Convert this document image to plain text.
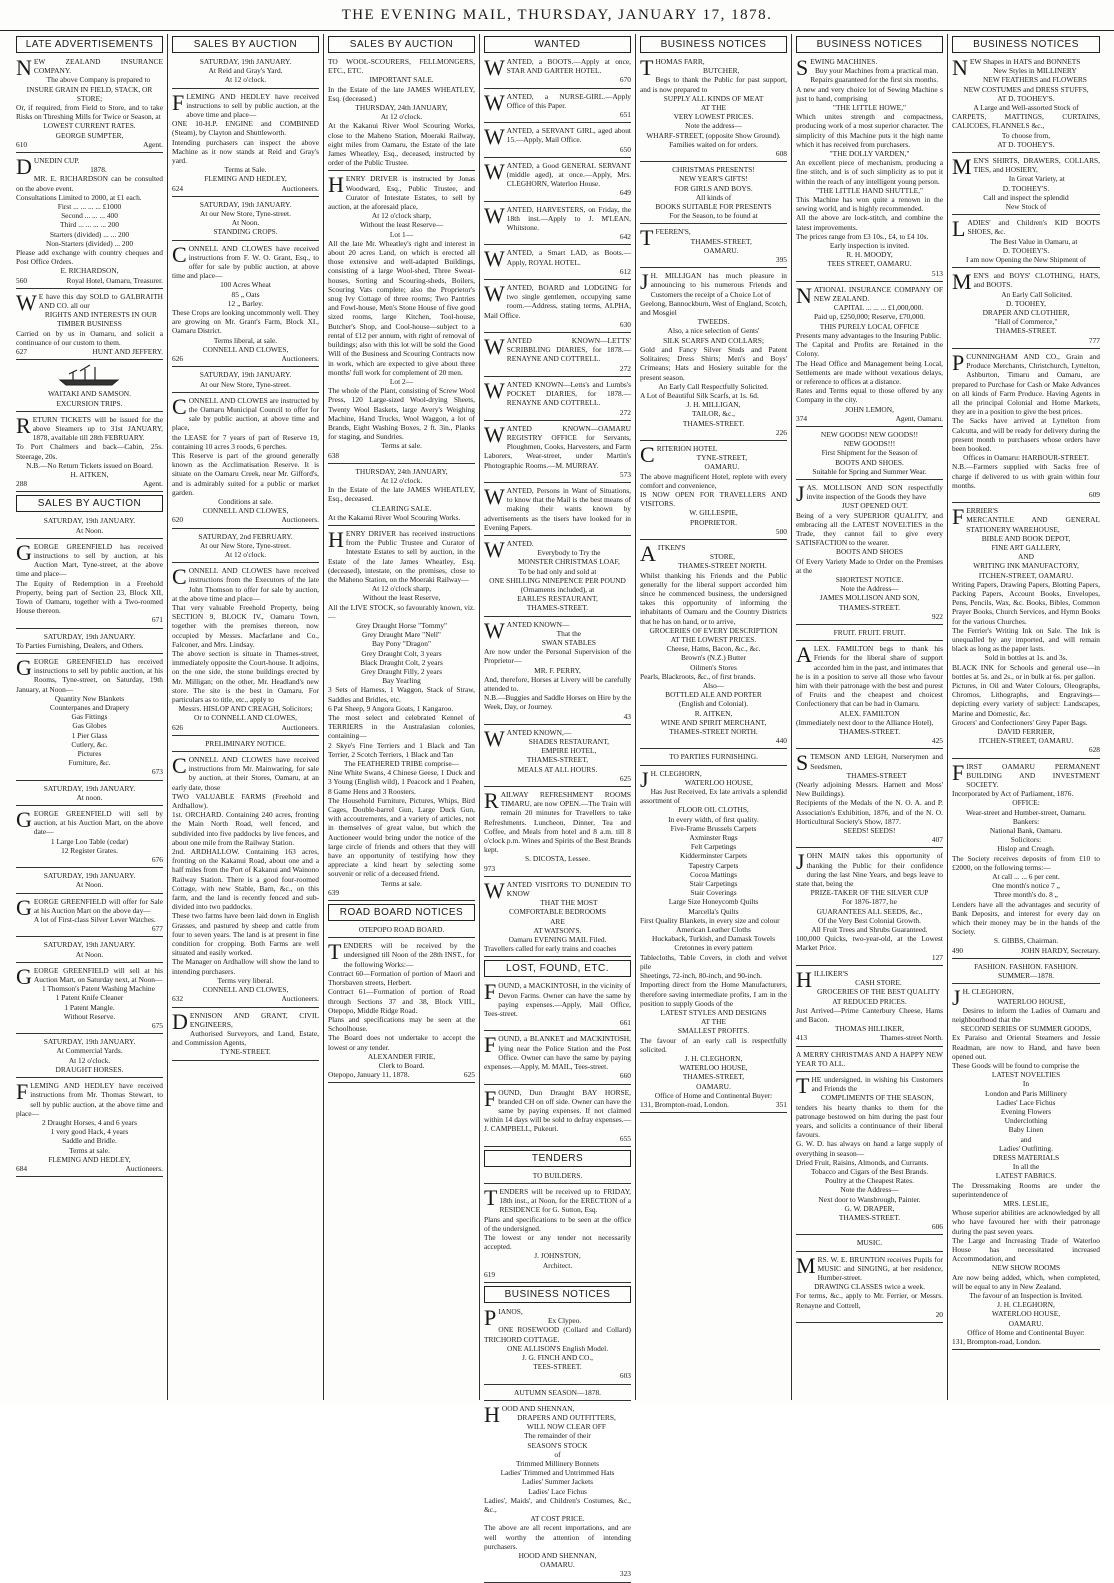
THE EVENING MAIL, THURSDAY, JANUARY 17, 1878.
LATE ADVERTISEMENTS
N EW ZEALAND INSURANCE COMPANY.
The above Company is prepared to
INSURE GRAIN IN FIELD, STACK, OR STORE;
Or, if required, from Field to Store, and to take Risks on Threshing Mills for Twice or Season, at
LOWEST CURRENT RATES.
GEORGE SUMPTER,
610	Agent.
D UNEDIN CUP.
1878.
MR. E. RICHARDSON can be consulted on the above event.
Consultations Limited to 2000, at £1 each.
First ... ... ... ... £1000
Second ... ... ... 400
Third ... ... ... ... 200
Starters (divided) ... ... 200
Non-Starters (divided) ... 200
Please add exchange with country cheques and Post Office Orders.
E. RICHARDSON,
560	Royal Hotel, Oamaru, Treasurer.
W E have this day SOLD to GALBRAITH AND CO. all our
RIGHTS AND INTERESTS IN OUR
TIMBER BUSINESS
Carried on by us in Oamaru, and solicit a continuance of our custom to them.
627	HUNT AND JEFFERY.
WAITAKI AND SAMSON.
EXCURSION TRIPS.
R ETURN TICKETS will be issued for the above Steamers up to 31st JANUARY, 1878, available till 28th FEBRUARY.
To Port Chalmers and back—Cabin, 25s. Steerage, 20s.
N.B.—No Return Tickets issued on Board.
H. AITKEN,
288	Agent.
SALES BY AUCTION
SATURDAY, 19th JANUARY.
At Noon.
G EORGE GREENFIELD has received instructions to sell by auction, at his Auction Mart, Tyne-street, at the above time and place—
The Equity of Redemption in a Freehold Property, being part of Section 23, Block XII, Town of Oamaru, together with a Two-roomed House thereon.
671
SATURDAY, 19th JANUARY.
To Parties Furnishing, Dealers, and Others.
G EORGE GREENFIELD has received instructions to sell by public auction, at his Rooms, Tyne-street, on Saturday, 19th January, at Noon—
Quantity New Blankets
Counterpanes and Drapery
Gas Fittings
Gas Globes
1 Pier Glass
Cutlery, &c.
Pictures
Furniture, &c.
673
SATURDAY, 19th JANUARY.
At noon.
G EORGE GREENFIELD will sell by auction, at his Auction Mart, on the above date—
1 Large Loo Table (cedar)
12 Register Grates.
676
SATURDAY, 19th JANUARY.
At Noon.
G EORGE GREENFIELD will offer for Sale at his Auction Mart on the above day—
A lot of First-class Silver Lever Watches.
677
SATURDAY, 19th JANUARY.
At Noon.
G EORGE GREENFIELD will sell at his Auction Mart, on Saturday next, at Noon—
1 Thomson's Patent Washing Machine
1 Patent Knife Cleaner
1 Patent Mangle.
Without Reserve.
675
SATURDAY, 19th JANUARY.
At Commercial Yards.
At 12 o'clock.
DRAUGHT HORSES.
F LEMING AND HEDLEY have received instructions from Mr. Thomas Stewart, to sell by public auction, at the above time and place—
2 Draught Horses, 4 and 6 years
1 very good Hack, 4 years
Saddle and Bridle.
Terms at sale.
FLEMING AND HEDLEY,
684	Auctioneers.
SALES BY AUCTION
SATURDAY, 19th JANUARY.
At Reid and Gray's Yard.
At 12 o'clock.
F LEMING AND HEDLEY have received instructions to sell by public auction, at the above time and place—
ONE 10-H.P. ENGINE and COMBINED (Steam), by Clayton and Shuttleworth.
Intending purchasers can inspect the above Machine as it now stands at Reid and Gray's yard.
Terms at Sale.
FLEMING AND HEDLEY,
624	Auctioneers.
SATURDAY, 19th JANUARY.
At our New Store, Tyne-street.
At Noon.
STANDING CROPS.
C ONNELL AND CLOWES have received instructions from F. W. O. Grant, Esq., to offer for sale by public auction, at above time and place—
100 Acres Wheat
85 „ Oats
12 „ Barley.
These Crops are looking uncommonly well. They are growing on Mr. Grant's Farm, Block XI., Oamaru District.
Terms liberal, at sale.
CONNELL AND CLOWES,
626	Auctioneers.
SATURDAY, 19th JANUARY.
At our New Store, Tyne-street.
C ONNELL AND CLOWES are instructed by the Oamaru Municipal Council to offer for sale by public auction, at above time and place,
the LEASE for 7 years of part of Reserve 19, containing 10 acres 3 roods, 6 perches.
This Reserve is part of the ground generally known as the Acclimatisation Reserve. It is situate on the Oamaru Creek, near Mr. Gifford's, and is admirably suited for a public or market garden.
Conditions at sale.
CONNELL AND CLOWES,
620	Auctioneers.
SATURDAY, 2nd FEBRUARY.
At our New Store, Tyne-street.
At 12 o'clock.
C ONNELL AND CLOWES have received instructions from the Executors of the late John Thomson to offer for sale by auction, at the above time and place—
That very valuable Freehold Property, being SECTION 9, BLOCK IV., Oamaru Town, together with the premises thereon, now occupied by Messrs. Macfarlane and Co., Falconer, and Mrs. Lindsay.
The above section is situate in Thames-street, immediately opposite the Court-house. It adjoins, on the one side, the stone buildings erected by Mr. Milligan; on the other, Mr. Headland's new store. The site is the best in Oamaru. For particulars as to title, etc., apply to
Messrs. HISLOP AND CREAGH, Solicitors;
Or to CONNELL AND CLOWES,
626	Auctioneers.
PRELIMINARY NOTICE.
C ONNELL AND CLOWES have received instructions from Mr. Mainwaring, for sale by auction, at their Stores, Oamaru, at an early date, those
TWO VALUABLE FARMS (Freehold and Ardhallow).
1st. ORCHARD. Containing 240 acres, fronting the Main North Road, well fenced, and subdivided into five paddocks by live fences, and about one mile from the Railway Station.
2nd. ARDHALLOW. Containing 163 acres, fronting on the Kakanui Road, about one and a half miles from the Port of Kakanui and Wainono Railway Station. There is a good four-roomed Cottage, with new Stable, Barn, &c., on this farm, and the land is recently fenced and sub-divided into two paddocks.
These two farms have been laid down in English Grasses, and pastured by sheep and cattle from four to seven years. The land is at present in fine condition for cropping. Both Farms are well situated and easily worked.
The Manager on Ardhallow will show the land to intending purchasers.
Terms very liberal.
CONNELL AND CLOWES,
632	Auctioneers.
D ENNISON AND GRANT, CIVIL ENGINEERS,
Authorised Surveyors, and Land, Estate, and Commission Agents,
TYNE-STREET.
SALES BY AUCTION
TO WOOL-SCOURERS, FELLMONGERS, ETC., ETC.
IMPORTANT SALE.
In the Estate of the late JAMES WHEATLEY, Esq. (deceased.)
THURSDAY, 24th JANUARY,
At 12 o'clock.
At the Kakanui River Wool Scouring Works, close to the Maheno Station, Moeraki Railway, eight miles from Oamaru, the Estate of the late James Wheatley, Esq., deceased, instructed by order of the Public Trustee.
H ENRY DRIVER is instructed by Jonas Woodward, Esq., Public Trustee, and Curator of Intestate Estates, to sell by auction, at the aforesaid place,
At 12 o'clock sharp,
Without the least Reserve—
Lot 1—
All the late Mr. Wheatley's right and interest in about 20 acres Land, on which is erected all those extensive and well-adapted Buildings, consisting of a large Wool-shed, Three Sweat-houses, Sorting and Scouring-sheds, Boilers, Scouring Vats complete; also the Proprietor's snug Ivy Cottage of three rooms; Two Pantries and Fowl-house, Men's Stone House of five good sized rooms, large Kitchen, Tool-house, Butcher's Shop, and Cool-house—subject to a rental of £12 per annum, with right of removal of buildings; also with this lot will be sold the Good Will of the Business and Scouring Contracts now in work, which are expected to give about three months' full work for complement of 20 men.
Lot 2—
The whole of the Plant, consisting of Screw Wool Press, 120 Large-sized Wool-drying Sheets, Twenty Wool Baskets, large Avery's Weighing Machine, Hand Trucks, Wool Waggon, a lot of Brands, Eight Washing Boxes, 2 ft. 3in., Planks for staging, and Sundries.
Terms at sale.
638
THURSDAY, 24th JANUARY,
At 12 o'clock.
In the Estate of the late JAMES WHEATLEY, Esq., deceased.
CLEARING SALE.
At the Kakanui River Wool Scouring Works.
H ENRY DRIVER has received instructions from the Public Trustee and Curator of Intestate Estates to sell by auction, in the Estate of the late James Wheatley, Esq. (deceased), intestate, on the premises, close to the Maheno Station, on the Moeraki Railway—
At 12 o'clock sharp,
Without the least Reserve,
All the LIVE STOCK, so favourably known, viz.—
Grey Draught Horse "Tommy"
Grey Draught Mare "Nell"
Bay Pony "Dragon"
Grey Draught Colt, 3 years
Black Draught Colt, 2 years
Grey Draught Filly, 2 years
Bay Yearling
3 Sets of Harness, 1 Waggon, Stack of Straw, Saddles and Bridles, etc.
6 Pat Sheep, 9 Angora Goats, 1 Kangaroo.
The most select and celebrated Kennel of TERRIERS in the Australasian colonies, containing—
2 Skye's Fine Terriers and 1 Black and Tan Terrier, 2 Scotch Terriers, 1 Black and Tan
The FEATHERED TRIBE comprise—
Nine White Swans, 4 Chinese Geese, 1 Duck and 3 Young (English wild), 1 Peacock and 1 Peahen, 8 Game Hens and 3 Roosters.
The Household Furniture, Pictures, Whips, Bird Cages, Double-barrel Gun, Large Duck Gun, with accoutrements, and a variety of articles, not in themselves of great value, but which the Auctioneer would bring under the notice of the large circle of friends and others that they will have an opportunity of testifying how they appreciate a kind heart by selecting some souvenir or relic of a deceased friend.
Terms at sale.
639
ROAD BOARD NOTICES
OTEPOPO ROAD BOARD.
T ENDERS will be received by the undersigned till Noon of the 28th INST., for the following Works:—
Contract 60—Formation of portion of Maori and Thorsbaven streets, Herbert.
Contract 61—Formation of portion of Road through Sections 37 and 38, Block VIII., Otepopo, Middle Ridge Road.
Plans and specifications may be seen at the Schoolhouse.
The Board does not undertake to accept the lowest or any tender.
ALEXANDER FIRIE,
Clerk to Board.
Otepopo, January 11, 1878.	625
WANTED
W ANTED, a BOOTS.—Apply at once, STAR AND GARTER HOTEL.
670
W ANTED, a NURSE-GIRL.—Apply Office of this Paper.
651
W ANTED, a SERVANT GIRL, aged about 15.—Apply, Mail Office.
650
W ANTED, a Good GENERAL SERVANT (middle aged), at once.—Apply, Mrs. CLEGHORN, Waterloo House.
649
W ANTED, HARVESTERS, on Friday, the 18th inst.—Apply to J. M'LEAN, Whitstone.
642
W ANTED, a Smart LAD, as Boots.—Apply, ROYAL HOTEL.
612
W ANTED, BOARD and LODGING for two single gentlemen, occupying same room.—Address, stating terms, ALPHA, Mail Office.
630
W ANTED KNOWN—LETTS' SCRIBBLING DIARIES, for 1878.—RENAYNE AND COTTRELL.
272
W ANTED KNOWN—Letts's and Lumbs's POCKET DIARIES, for 1878.—RENAYNE AND COTTRELL.
272
W ANTED KNOWN—OAMARU REGISTRY OFFICE for Servants, Ploughmen, Cooks, Harvesters, and Farm Laborers, Wear-street, under Martin's Photographic Rooms.—M. MURRAY.
573
W ANTED, Persons in Want of Situations, to know that the Mail is the best means of making their wants known by advertisements as the tisers have looked for in Evening Papers.
W ANTED.
Everybody to Try the
MONSTER CHRISTMAS LOAF,
To be had only and sold at
ONE SHILLING NINEPENCE PER POUND
(Ornaments included), at
EARLE'S RESTAURANT,
THAMES-STREET.
W ANTED KNOWN—
That the
SWAN STABLES
Are now under the Personal Supervision of the Proprietor—
MR. F. PERRY,
And, therefore, Horses at Livery will be carefully attended to.
N.B.—Buggies and Saddle Horses on Hire by the Week, Day, or Journey.
43
W ANTED KNOWN,—
SHADES RESTAURANT,
EMPIRE HOTEL,
THAMES-STREET,
MEALS AT ALL HOURS.
625
R AILWAY REFRESHMENT ROOMS TIMARU, are now OPEN.—The Train will remain 20 minutes for Travellers to take Refreshments. Luncheon, Dinner, Tea and Coffee, and Meals from hotel and 8 a.m. till 8 o'clock p.m. Wines and Spirits of the Best Brands kept.
S. DICOSTA, Lessee.
973
W ANTED VISITORS TO DUNEDIN TO KNOW
THAT THE MOST
COMFORTABLE BEDROOMS
ARE
AT WATSON'S.
Oamaru EVENING MAIL Filed.
Travellers called for early trains and coaches
LOST, FOUND, ETC.
F OUND, a MACKINTOSH, in the vicinity of Devon Farms. Owner can have the same by paying expenses.—Apply, Mail Office, Tees-street.
661
F OUND, a BLANKET and MACKINTOSH, lying near the Police Station and the Post Office. Owner can have the same by paying expenses.—Apply, M. MAIL, Tees-street.
660
F OUND, Dun Draught BAY HORSE, branded CH on off side. Owner can have the same by paying expenses. If not claimed within 14 days will be sold to defray expenses.—J. CAMPBELL, Pukeuri.
655
TENDERS
TO BUILDERS.
T ENDERS will be received up to FRIDAY, 18th inst., at Noon, for the ERECTION of a RESIDENCE for G. Sutton, Esq.
Plans and specifications to be seen at the office of the undersigned.
The lowest or any tender not necessarily accepted.
J. JOHNSTON,
Architect.
619
BUSINESS NOTICES
P IANOS,
Ex Clypeo.
ONE ROSEWOOD (Collard and Collard) TRICHORD COTTAGE.
ONE ALLISON'S English Model.
J. G. FINCH AND CO.,
TEES-STREET.
603
AUTUMN SEASON—1878.
H OOD AND SHENNAN,
DRAPERS AND OUTFITTERS,
WILL NOW CLEAR OFF
The remainder of their
SEASON'S STOCK
of
Trimmed Millinery Bonnets
Ladies' Trimmed and Untrimmed Hats
Ladies' Summer Jackets
Ladies' Lace Fichus
Ladies', Maids', and Children's Costumes, &c., &c.,
AT COST PRICE.
The above are all recent importations, and are well worthy the attention of intending purchasers.
HOOD AND SHENNAN,
OAMARU.
323
BUSINESS NOTICES
T HOMAS FARR,
BUTCHER,
Begs to thank the Public for past support, and is now prepared to
SUPPLY ALL KINDS OF MEAT
AT THE
VERY LOWEST PRICES.
Note the address—
WHARF-STREET, (opposite Show Ground).
Families waited on for orders.
608
CHRISTMAS PRESENTS!
NEW YEAR'S GIFTS!
FOR GIRLS AND BOYS.
All kinds of
BOOKS SUITABLE FOR PRESENTS
For the Season, to be found at
T FEEREN'S,
THAMES-STREET,
OAMARU.
395
J H. MILLIGAN has much pleasure in announcing to his numerous Friends and Customers the receipt of a Choice Lot of
Geelong, Bannockburn, West of England, Scotch, and Mosgiel
TWEEDS.
Also, a nice selection of Gents'
SILK SCARFS AND COLLARS;
Gold and Fancy Silver Studs and Patent Solitaires; Dress Shirts; Men's and Boys' Crimeans; Hats and Hosiery suitable for the present season.
An Early Call Respectfully Solicited.
A Lot of Beautiful Silk Scarfs, at 1s. 6d.
J. H. MILLIGAN,
TAILOR, &c.,
THAMES-STREET.
226
C RITERION HOTEL
TYNE-STREET,
OAMARU.
The above magnificent Hotel, replete with every comfort and convenience,
IS NOW OPEN FOR TRAVELLERS AND VISITORS.
W. GILLESPIE,
PROPRIETOR.
500
A ITKEN'S
STORE,
THAMES-STREET NORTH.
Whilst thanking his Friends and the Public generally for the liberal support accorded him since he commenced business, the undersigned takes this opportunity of informing the inhabitants of Oamaru and the Country Districts that he has on hand, or to arrive,
GROCERIES OF EVERY DESCRIPTION
AT THE LOWEST PRICES.
Cheese, Hams, Bacon, &c., &c.
Brown's (N.Z.) Butter
Oilmen's Stores
Pearls, Blackroots, &c., of first brands.
Also—
BOTTLED ALE AND PORTER
(English and Colonial).
R. AITKEN,
WINE AND SPIRIT MERCHANT,
THAMES-STREET NORTH.
440
TO PARTIES FURNISHING.
J H. CLEGHORN,
WATERLOO HOUSE,
Has Just Received, Ex late arrivals a splendid assortment of
FLOOR OIL CLOTHS,
In every width, of first quality.
Five-Frame Brussels Carpets
Axminster Rugs
Felt Carpetings
Kidderminster Carpets
Tapestry Carpets
Cocoa Mattings
Stair Carpetings
Stair Coverings
Large Size Honeycomb Quilts
Marcella's Quilts
First Quality Blankets, in every size and colour
American Leather Cloths
Huckaback, Turkish, and Damask Towels
Cretonnes in every pattern
Tablecloths, Table Covers, in cloth and velvet pile
Sheetings, 72-inch, 80-inch, and 90-inch.
Importing direct from the Home Manufacturers, therefore saving intermediate profits, I am in the position to supply Goods of the
LATEST STYLES AND DESIGNS
AT THE
SMALLEST PROFITS.
The favour of an early call is respectfully solicited.
J. H. CLEGHORN,
WATERLOO HOUSE,
THAMES-STREET,
OAMARU.
Office of Home and Continental Buyer:
131, Brompton-road, London.	351
BUSINESS NOTICES
S EWING MACHINES.
Buy your Machines from a practical man.
Repairs guaranteed for the first six months.
A new and very choice lot of Sewing Machine s just to hand, comprising
"THE LITTLE HOWE,"
Which unites strength and compactness, producing work of a most superior character. The simplicity of this Machine puts it the high name which it has received from purchasers.
"THE DOLLY VARDEN,"
An excellent piece of mechanism, producing a fine stitch, and is of such simplicity as to put it within the reach of any intelligent young person.
"THE LITTLE HAND SHUTTLE,"
This Machine has won quite a renown in the sewing world, and is highly recommended.
All the above are lock-stitch, and combine the latest improvements.
The prices range from £3 10s., £4, to £4 10s.
Early inspection is invited.
R. H. MOODY,
TEES STREET, OAMARU.
513
N ATIONAL INSURANCE COMPANY OF NEW ZEALAND.
CAPITAL ... ... ... £1,000,000.
Paid up, £250,000; Reserve, £70,000.
THIS PURELY LOCAL OFFICE
Presents many advantages to the Insuring Public.
The Capital and Profits are Retained in the Colony.
The Head Office and Management being Local, Settlements are made without vexatious delays, or reference to offices at a distance.
Rates and Terms equal to those offered by any Company in the city.
JOHN LEMON,
374	Agent, Oamaru.
NEW GOODS! NEW GOODS!!
NEW GOODS!!!
First Shipment for the Season of
BOOTS AND SHOES.
Suitable for Spring and Summer Wear.
J AS. MOLLISON AND SON respectfully invite inspection of the Goods they have
JUST OPENED OUT.
Being of a very SUPERIOR QUALITY, and embracing all the LATEST NOVELTIES in the Trade, they cannot fail to give every SATISFACTION to the wearer.
BOOTS AND SHOES
Of Every Variety Made to Order on the Premises at the
SHORTEST NOTICE.
Note the Address—
JAMES MOLLISON AND SON,
THAMES-STREET.
922
FRUIT. FRUIT. FRUIT.
A LEX. FAMILTON begs to thank his Friends for the liberal share of support accorded him in the past, and intimates that he is in a position to serve all those who favour him with their patronage with the best and purest of Fruits and the cheapest and choicest Confectionery that can be had in Oamaru.
ALEX. FAMILTON
(Immediately next door to the Alliance Hotel),
THAMES-STREET.
425
S TEMSON AND LEIGH, Nurserymen and Seedsmen,
THAMES-STREET
(Nearly adjoining Messrs. Harnett and Moss' New Buildings).
Recipients of the Medals of the N. O. A. and P. Association's Exhibition, 1876, and of the N. O. Horticultural Society's Show, 1877.
SEEDS! SEEDS!
407
J OHN MAIN takes this opportunity of thanking the Public for their confidence during the last Nine Years, and begs leave to state that, being the
PRIZE-TAKER OF THE SILVER CUP
For 1876-1877, he
GUARANTEES ALL SEEDS, &c.,
Of the Very Best Colonial Growth.
All Fruit Trees and Shrubs Guaranteed.
100,000 Quicks, two-year-old, at the Lowest Market Price.
127
H ILLIKER'S
CASH STORE.
GROCERIES OF THE BEST QUALITY
AT REDUCED PRICES.
Just Arrived—Prime Canterbury Cheese, Hams and Bacon.
THOMAS HILLIKER,
413	Thames-street North.
A MERRY CHRISTMAS AND A HAPPY NEW YEAR TO ALL.
T HE undersigned, in wishing his Customers and Friends the
COMPLIMENTS OF THE SEASON,
tenders his hearty thanks to them for the patronage bestowed on him during the past four years, and solicits a continuance of their liberal favours.
G. W. D. has always on hand a large supply of everything in season—
Dried Fruit, Raisins, Almonds, and Currants.
Tobacco and Cigars of the Best Brands.
Poultry at the Cheapest Rates.
Note the Address—
Next door to Wansbrough, Painter.
G. W. DRAPER,
THAMES-STREET.
606
MUSIC.
M RS. W. E. BRUNTON receives Pupils for MUSIC and SINGING, at her residence, Humber-street.
DRAWING CLASSES twice a week.
For terms, &c., apply to Mr. Ferrier, or Messrs. Renayne and Cottrell,
20
BUSINESS NOTICES
N EW Shapes in HATS and BONNETS
New Styles in MILLINERY
NEW FEATHERS and FLOWERS
NEW COSTUMES and DRESS STUFFS,
AT D. TOOHEY'S.
A Large and Well-assorted Stock of
CARPETS, MATTINGS, CURTAINS, CALICOES, FLANNELS &c.,
To choose from,
AT D. TOOHEY'S.
M EN'S SHIRTS, DRAWERS, COLLARS, TIES, and HOSIERY,
In Great Variety, at
D. TOOHEY'S.
Call and inspect the splendid
New Stock of
L ADIES' and Children's KID BOOTS SHOES, &c.
The Best Value in Oamaru, at
D. TOOHEY'S.
I am now Opening the New Shipment of
M EN'S and BOYS' CLOTHING, HATS, and BOOTS.
An Early Call Solicited.
D. TOOHEY,
DRAPER AND CLOTHIER,
"Hall of Commerce,"
THAMES-STREET.
777
P CUNNINGHAM AND CO., Grain and Produce Merchants, Christchurch, Lyttelton, Ashburton, Timaru and Oamaru, are prepared to Purchase for Cash or Make Advances on all kinds of Farm Produce. Having Agents in all the principal Colonial and Home Markets, they are in a position to give the best prices.
The Sacks have arrived at Lyttelton from Calcutta, and will be ready for delivery during the present month to purchasers whose orders have been booked.
Offices in Oamaru: HARBOUR-STREET.
N.B.—Farmers supplied with Sacks free of charge if delivered to us with grain within four months.
609
F ERRIER'S
MERCANTILE AND GENERAL STATIONERY WAREHOUSE,
BIBLE AND BOOK DEPOT,
FINE ART GALLERY,
AND
WRITING INK MANUFACTORY,
ITCHEN-STREET, OAMARU.
Writing Papers, Drawing Papers, Blotting Papers, Packing Papers, Account Books, Envelopes, Pens, Pencils, Wax, &c. Books, Bibles, Common Prayer Books, Church Services, and Hymn Books for the various Churches.
The Ferrier's Writing Ink on Sale. The Ink is unequalled by any imported, and will remain black as long as the paper lasts.
Sold in bottles at 1s. and 3s.
BLACK INK for Schools and general use—in bottles at 5s. and 2s., or in bulk at 6s. per gallon.
Pictures, in Oil and Water Colours, Oleographs, Chromos, Lithographs, and Engravings—depicting every variety of subject: Landscapes, Marine and Domestic, &c.
Grocers' and Confectioners' Grey Paper Bags.
DAVID FERRIER,
ITCHEN-STREET, OAMARU.
628
F IRST OAMARU PERMANENT BUILDING AND INVESTMENT SOCIETY.
Incorporated by Act of Parliament, 1876.
OFFICE:
Wear-street and Humber-street, Oamaru.
Bankers:
National Bank, Oamaru.
Solicitors:
Hislop and Creagh.
The Society receives deposits of from £10 to £2000, on the following terms:—
At call ... ... 6 per cent.
One month's notice 7 „
Three month's do. 8 „
Lenders have all the advantages and security of Bank Deposits, and interest for every day on which their money may be in the hands of the Society.
S. GIBBS, Chairman.
490	JOHN HARDY, Secretary.
FASHION. FASHION. FASHION.
SUMMER—1878.
J H. CLEGHORN,
WATERLOO HOUSE,
Desires to inform the Ladies of Oamaru and neighbourhood that the
SECOND SERIES OF SUMMER GOODS,
Ex Paraiso and Oriental Steamers and Jessie Readman, are now to Hand, and have been opened out.
These Goods will be found to comprise the
LATEST NOVELTIES
In
London and Paris Millinery
Ladies' Lace Fichus
Evening Flowers
Underclothing
Baby Linen
and
Ladies' Outfitting.
DRESS MATERIALS
In all the
LATEST FABRICS.
The Dressmaking Rooms are under the superintendence of
MRS. LESLIE,
Whose superior abilities are acknowledged by all who have favoured her with their patronage during the past seven years.
The Large and Increasing Trade of Waterloo House has necessitated increased Accommodation, and
NEW SHOW ROOMS
Are now being added, which, when completed, will be equal to any in New Zealand.
The favour of an Inspection is Invited.
J. H. CLEGHORN,
WATERLOO HOUSE,
OAMARU.
Office of Home and Continental Buyer:
131, Brompton-road, London.
